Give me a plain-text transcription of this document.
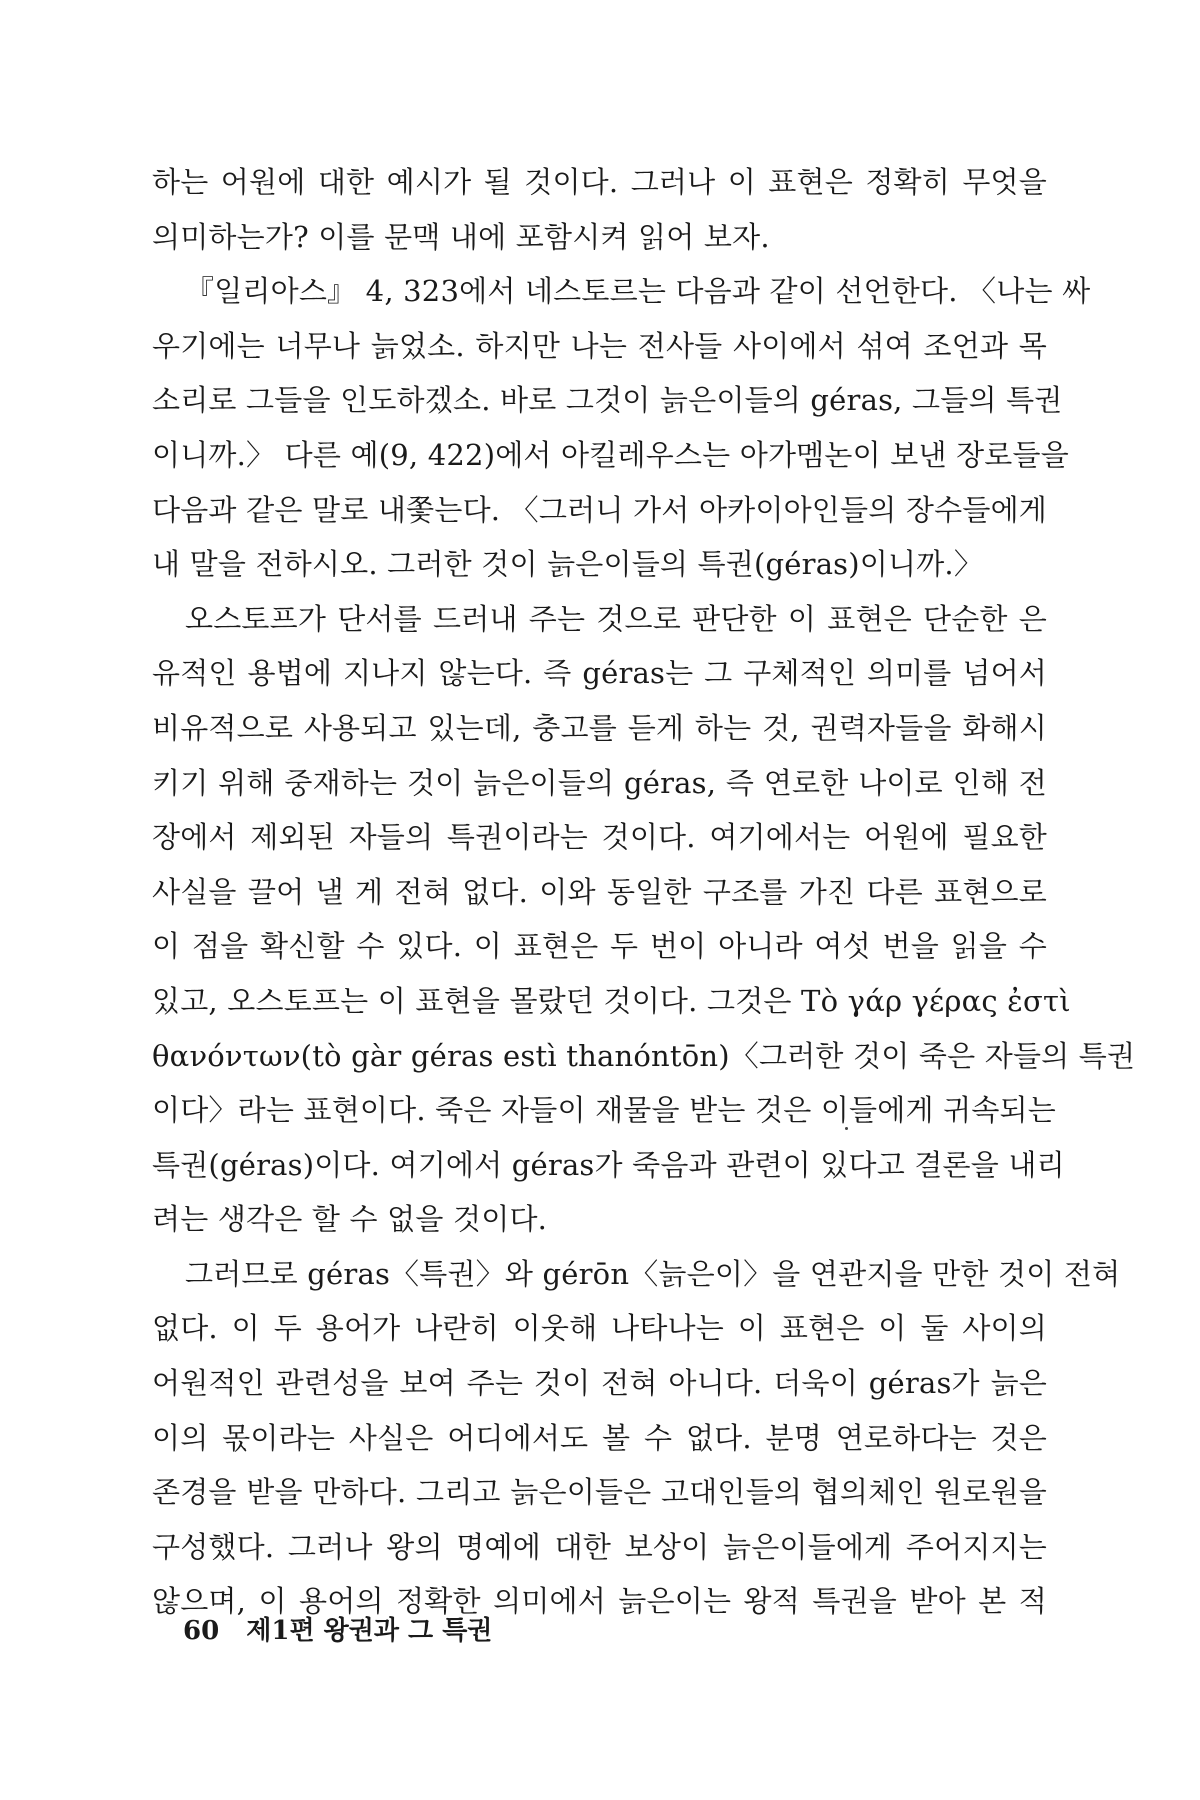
하는 어원에 대한 예시가 될 것이다. 그러나 이 표현은 정확히 무엇을
의미하는가? 이를 문맥 내에 포함시켜 읽어 보자.
『일리아스』 4, 323에서 네스토르는 다음과 같이 선언한다. 〈나는 싸
우기에는 너무나 늙었소. 하지만 나는 전사들 사이에서 섞여 조언과 목
소리로 그들을 인도하겠소. 바로 그것이 늙은이들의 géras, 그들의 특권
이니까.〉 다른 예(9, 422)에서 아킬레우스는 아가멤논이 보낸 장로들을
다음과 같은 말로 내쫓는다. 〈그러니 가서 아카이아인들의 장수들에게
내 말을 전하시오. 그러한 것이 늙은이들의 특권(géras)이니까.〉
오스토프가 단서를 드러내 주는 것으로 판단한 이 표현은 단순한 은
유적인 용법에 지나지 않는다. 즉 géras는 그 구체적인 의미를 넘어서
비유적으로 사용되고 있는데, 충고를 듣게 하는 것, 권력자들을 화해시
키기 위해 중재하는 것이 늙은이들의 géras, 즉 연로한 나이로 인해 전
장에서 제외된 자들의 특권이라는 것이다. 여기에서는 어원에 필요한
사실을 끌어 낼 게 전혀 없다. 이와 동일한 구조를 가진 다른 표현으로
이 점을 확신할 수 있다. 이 표현은 두 번이 아니라 여섯 번을 읽을 수
있고, 오스토프는 이 표현을 몰랐던 것이다. 그것은 Τὸ γάρ γέρας ἐστὶ
θανόντων(tò gàr géras estì thanóntōn)〈그러한 것이 죽은 자들의 특권
이다〉라는 표현이다. 죽은 자들이 재물을 받는 것은 이들에게 귀속되는
특권(géras)이다. 여기에서 géras가 죽음과 관련이 있다고 결론을 내리
려는 생각은 할 수 없을 것이다.
그러므로 géras〈특권〉와 gérōn〈늙은이〉을 연관지을 만한 것이 전혀
없다. 이 두 용어가 나란히 이웃해 나타나는 이 표현은 이 둘 사이의
어원적인 관련성을 보여 주는 것이 전혀 아니다. 더욱이 géras가 늙은
이의 몫이라는 사실은 어디에서도 볼 수 없다. 분명 연로하다는 것은
존경을 받을 만하다. 그리고 늙은이들은 고대인들의 협의체인 원로원을
구성했다. 그러나 왕의 명예에 대한 보상이 늙은이들에게 주어지지는
않으며, 이 용어의 정확한 의미에서 늙은이는 왕적 특권을 받아 본 적
60 제1편 왕권과 그 특권
